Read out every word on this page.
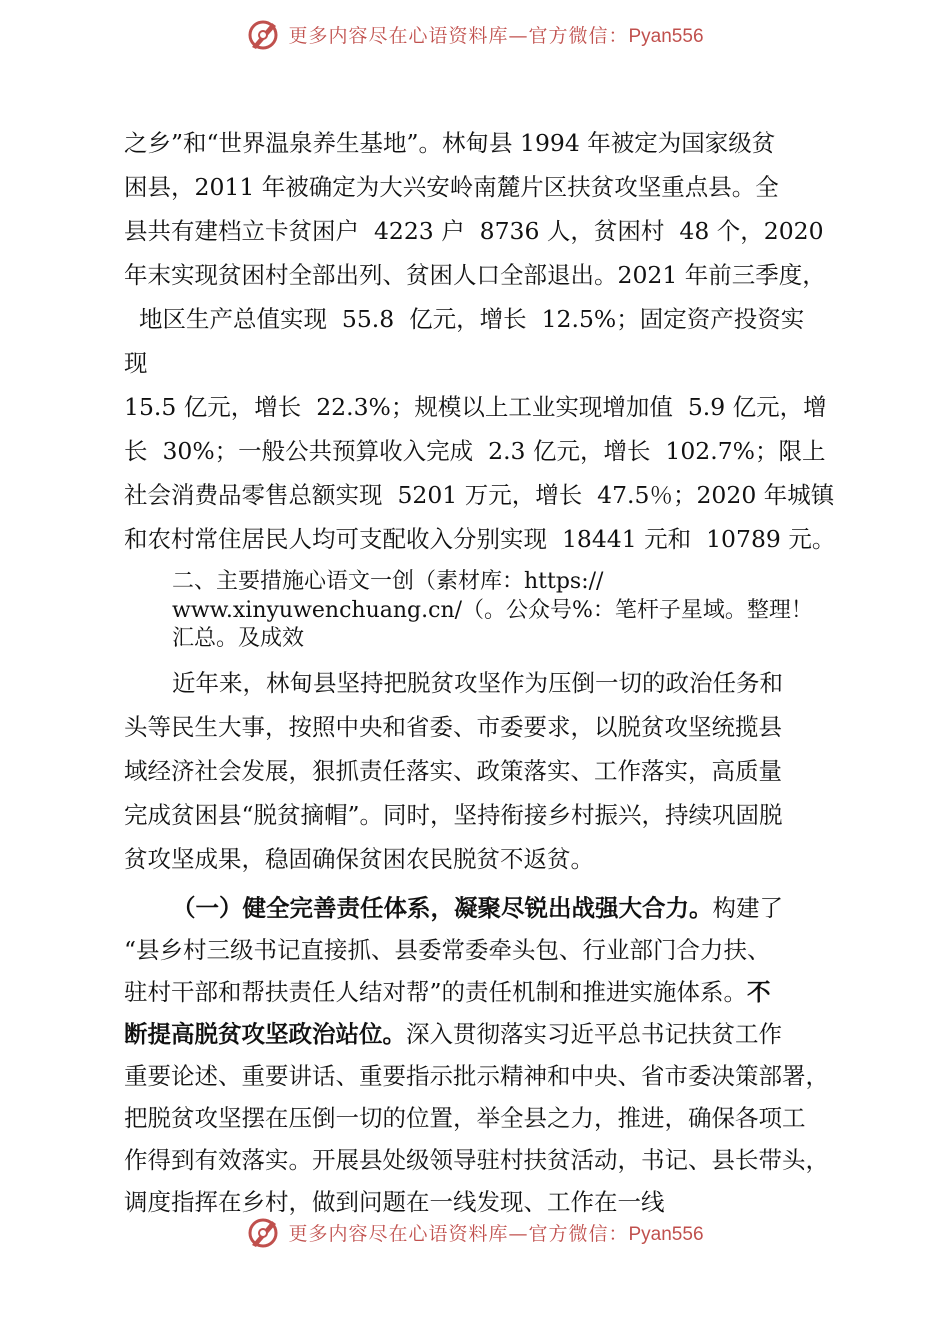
更多内容尽在心语资料库—官方微信：Pyan556

之乡”和“世界温泉养生基地”。林甸县 1994 年被定为国家级贫

困县，2011 年被确定为大兴安岭南麓片区扶贫攻坚重点县。全

县共有建档立卡贫困户  4223 户  8736 人，贫困村  48 个，2020

年末实现贫困村全部出列、贫困人口全部退出。2021 年前三季度，

地区生产总值实现  55.8  亿元，增长  12.5%；固定资产投资实

现

15.5 亿元，增长  22.3%；规模以上工业实现增加值  5.9 亿元，增

长  30%；一般公共预算收入完成  2.3 亿元，增长  102.7%；限上

社会消费品零售总额实现  5201 万元，增长  47.5％；2020 年城镇

和农村常住居民人均可支配收入分别实现  18441 元和  10789 元。

二、主要措施心语文一创（素材库：https://
www.xinyuwenchuang.cn/（。公众号%：笔杆子星域。整理！
汇总。及成效

近年来，林甸县坚持把脱贫攻坚作为压倒一切的政治任务和

头等民生大事，按照中央和省委、市委要求，以脱贫攻坚统揽县

域经济社会发展，狠抓责任落实、政策落实、工作落实，高质量

完成贫困县“脱贫摘帽”。同时，坚持衔接乡村振兴，持续巩固脱

贫攻坚成果，稳固确保贫困农民脱贫不返贫。

（一）健全完善责任体系，凝聚尽锐出战强大合力。构建了

“县乡村三级书记直接抓、县委常委牵头包、行业部门合力扶、

驻村干部和帮扶责任人结对帮”的责任机制和推进实施体系。不

断提高脱贫攻坚政治站位。深入贯彻落实习近平总书记扶贫工作

重要论述、重要讲话、重要指示批示精神和中央、省市委决策部署，

把脱贫攻坚摆在压倒一切的位置，举全县之力，推进，确保各项工

作得到有效落实。开展县处级领导驻村扶贫活动，书记、县长带头，

调度指挥在乡村，做到问题在一线发现、工作在一线

更多内容尽在心语资料库—官方微信：Pyan556
